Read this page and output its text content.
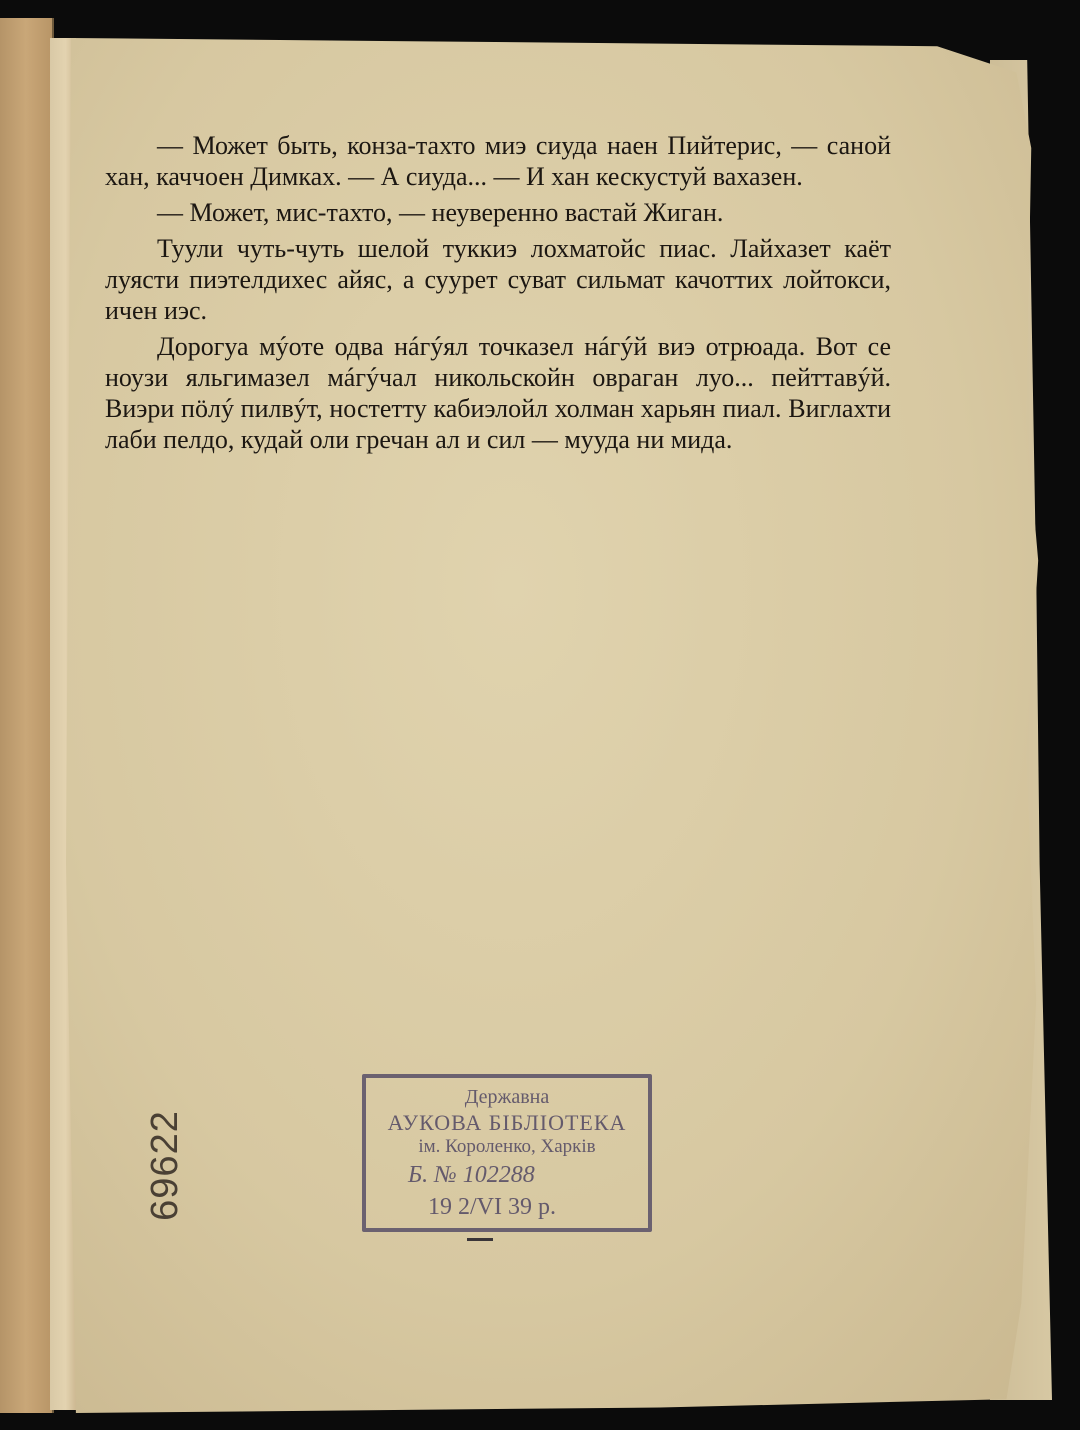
— Может быть, конза-тахто миэ сиуда наен Пийтерис, — саной хан, каччоен Димках. — А сиуда... — И хан кескустуй вахазен.

— Может, мис-тахто, — неуверенно вастай Жиган.

Туули чуть-чуть шелой туккиэ лохматойс пиас. Лайхазет каёт луясти пиэтелдихес айяс, а суурет суват сильмат качоттих лойтокси, ичен иэс.

Дорогуа мýоте одва нáгýял точказел нáгýй виэ отрюада. Вот се ноузи яльгимазел мáгýчал никольскойн овраган луо... пейттавýй. Виэри пöлý пилвýт, ностетту кабиэлойл холман харьян пиал. Виглахти лаби пелдо, кудай оли гречан ал и сил — мууда ни мида.

69622
Державна
АУКОВА БІБЛІОТЕКА
ім. Короленко, Харків
Б. № 102288
19 2/VI 39 р.
